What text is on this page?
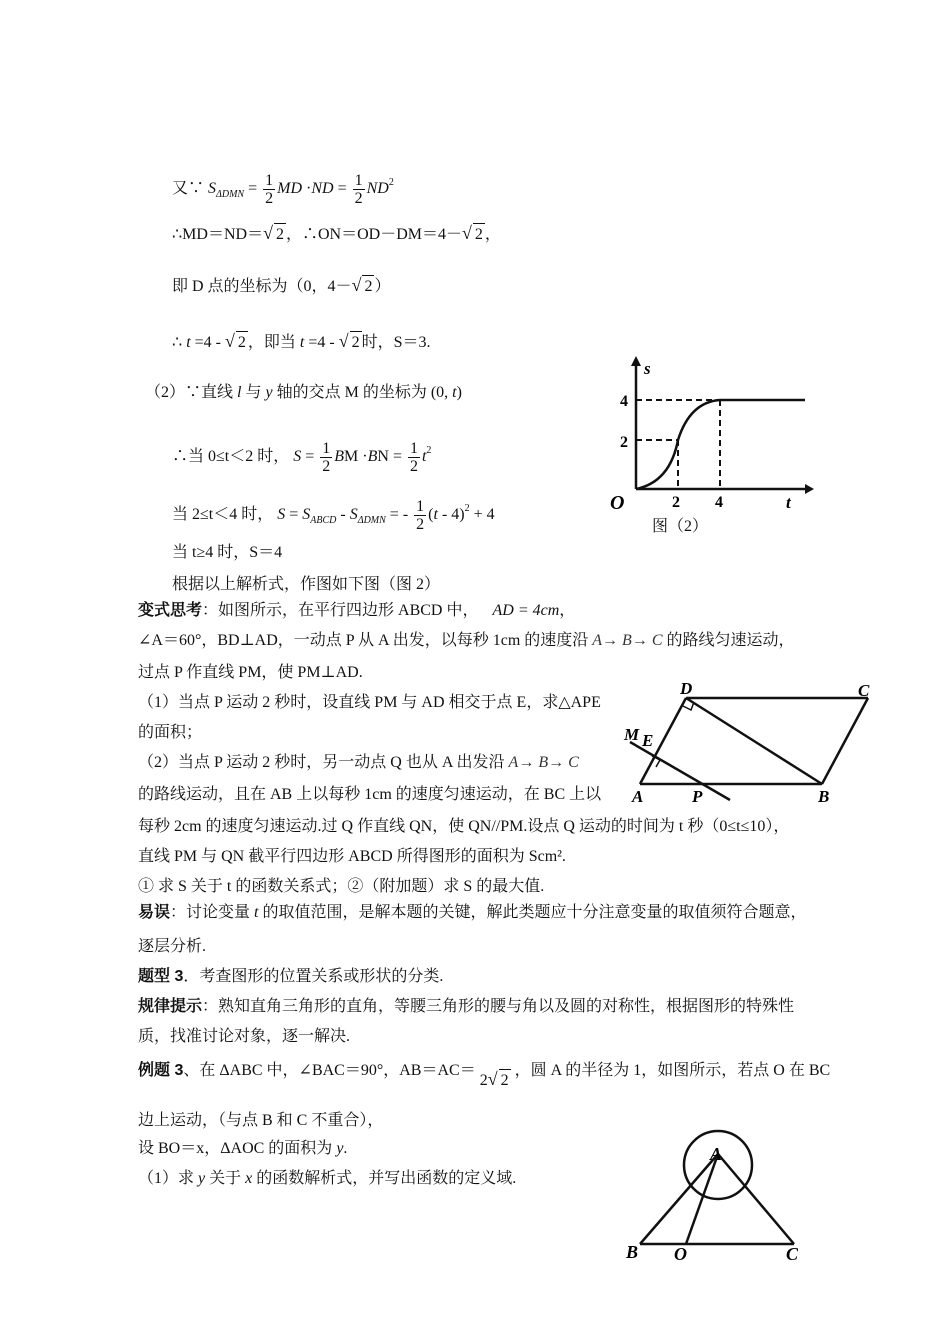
又∵ $S_{\Delta DMN} = \frac{1}{2}$ MD $\cdot ND = \frac{1}{2} ND^2$
∴MD＝ND＝√ 2 ，∴ON＝OD－DM＝4－√ 2 ，
即 D 点的坐标为（0，4－√ 2 ）
∴ t =4 - √ 2 ，即当 t =4 - √ 2 时，S＝3.
（2）∵直线 l 与 y 轴的交点 M 的坐标为 (0, t)
∴当 0≤t＜2 时， $S = \frac{1}{2}$ BM $\cdot BN = \frac{1}{2} t^2$
当 2≤t＜4 时， $S = S_{ABCD} - S_{\Delta DMN}$ = - $\frac{1}{2} (t - 4)^2 + 4$
当 t≥4 时，S＝4
根据以上解析式，作图如下图（图 2）
s
t
O
4
2
2 4
图（2）
变式思考：如图所示，在平行四边形 ABCD 中， AD = 4cm，
∠A＝60°，BD⊥AD，一动点 P 从 A 出发，以每秒 1cm 的速度沿 A→ B→ C 的路线匀速运动，
过点 P 作直线 PM，使 PM⊥AD.
（1）当点 P 运动 2 秒时，设直线 PM 与 AD 相交于点 E，求△APE
的面积；
（2）当点 P 运动 2 秒时，另一动点 Q 也从 A 出发沿 A→ B→ C
的路线运动，且在 AB 上以每秒 1cm 的速度匀速运动，在 BC 上以
每秒 2cm 的速度匀速运动.过 Q 作直线 QN，使 QN//PM.设点 Q 运动的时间为 t 秒（0≤t≤10），
直线 PM 与 QN 截平行四边形 ABCD 所得图形的面积为 Scm².
① 求 S 关于 t 的函数关系式；②（附加题）求 S 的最大值.
D	C
M E
A	P	B
易误：讨论变量 t 的取值范围，是解本题的关键，解此类题应十分注意变量的取值须符合题意，
逐层分析.
题型 3．考查图形的位置关系或形状的分类.
规律提示：熟知直角三角形的直角，等腰三角形的腰与角以及圆的对称性，根据图形的特殊性
质，找准讨论对象，逐一解决.
例题 3、在 ΔABC 中，∠BAC＝90°，AB＝AC＝ 2√ 2 ，圆 A 的半径为 1，如图所示，若点 O 在 BC
边上运动，（与点 B 和 C 不重合），
设 BO＝x，ΔAOC 的面积为 y.
（1）求 y 关于 x 的函数解析式，并写出函数的定义域.
A
B O	C
